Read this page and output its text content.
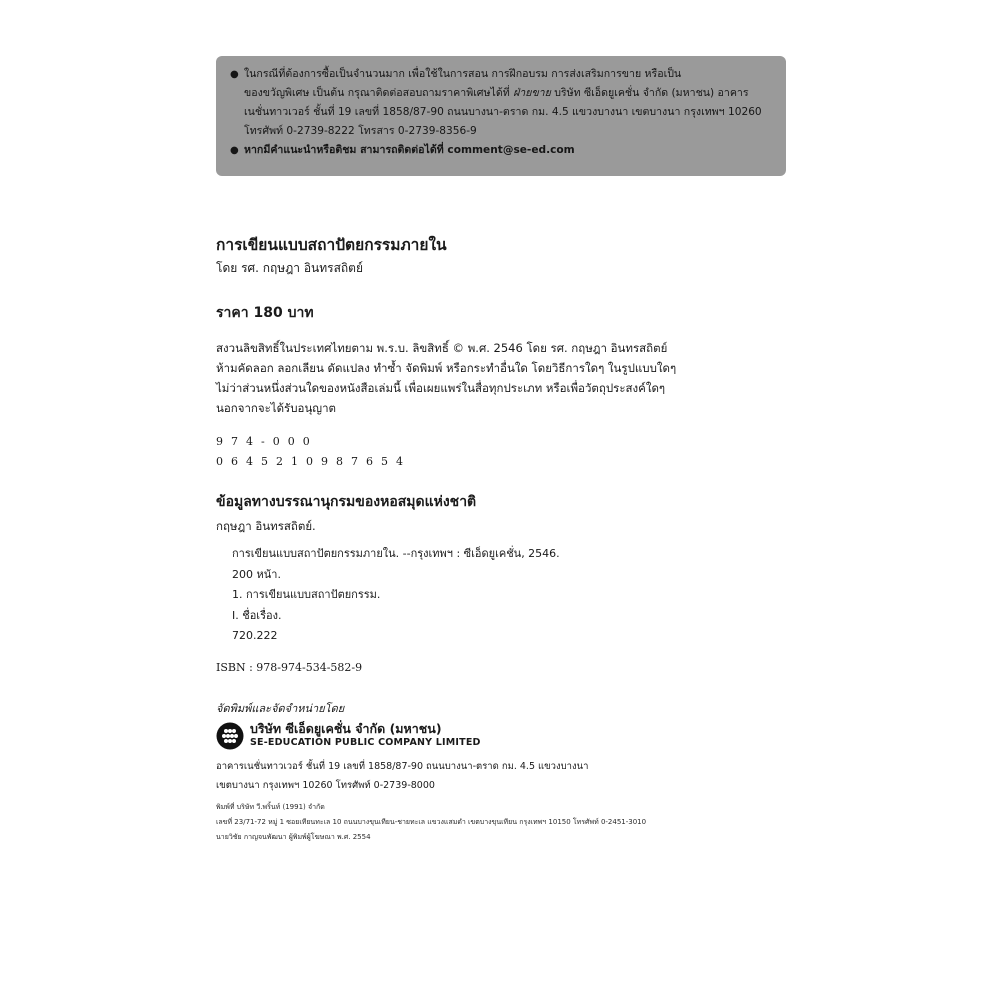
● ในกรณีที่ต้องการซื้อเป็นจำนวนมาก เพื่อใช้ในการสอน การฝึกอบรม การส่งเสริมการขาย หรือเป็น

ของขวัญพิเศษ เป็นต้น กรุณาติดต่อสอบถามราคาพิเศษได้ที่ ฝ่ายขาย บริษัท ซีเอ็ดยูเคชั่น จำกัด (มหาชน) อาคาร

เนชั่นทาวเวอร์ ชั้นที่ 19 เลขที่ 1858/87-90 ถนนบางนา-ตราด กม. 4.5 แขวงบางนา เขตบางนา กรุงเทพฯ 10260

โทรศัพท์ 0-2739-8222 โทรสาร 0-2739-8356-9

● หากมีคำแนะนำหรือติชม สามารถติดต่อได้ที่ comment@se-ed.com

การเขียนแบบสถาปัตยกรรมภายใน
โดย รศ. กฤษฎา อินทรสถิตย์
ราคา 180 บาท

สงวนลิขสิทธิ์ในประเทศไทยตาม พ.ร.บ. ลิขสิทธิ์ © พ.ศ. 2546 โดย รศ. กฤษฎา อินทรสถิตย์

ห้ามคัดลอก ลอกเลียน ดัดแปลง ทำซ้ำ จัดพิมพ์ หรือกระทำอื่นใด โดยวิธีการใดๆ ในรูปแบบใดๆ

ไม่ว่าส่วนหนึ่งส่วนใดของหนังสือเล่มนี้ เพื่อเผยแพร่ในสื่อทุกประเภท หรือเพื่อวัตถุประสงค์ใดๆ

นอกจากจะได้รับอนุญาต

974-000
0645210987654
ข้อมูลทางบรรณานุกรมของหอสมุดแห่งชาติ
กฤษฎา อินทรสถิตย์.

การเขียนแบบสถาปัตยกรรมภายใน. --กรุงเทพฯ : ซีเอ็ดยูเคชั่น, 2546.

200 หน้า.

1. การเขียนแบบสถาปัตยกรรม.

I. ชื่อเรื่อง.

720.222

ISBN : 978-974-534-582-9
จัดพิมพ์และจัดจำหน่ายโดย
บริษัท ซีเอ็ดยูเคชั่น จำกัด (มหาชน)
SE-EDUCATION PUBLIC COMPANY LIMITED

อาคารเนชั่นทาวเวอร์ ชั้นที่ 19 เลขที่ 1858/87-90 ถนนบางนา-ตราด กม. 4.5 แขวงบางนา

เขตบางนา กรุงเทพฯ 10260 โทรศัพท์ 0-2739-8000

พิมพ์ที่ บริษัท วี.พริ้นท์ (1991) จำกัด

เลขที่ 23/71-72 หมู่ 1 ซอยเทียนทะเล 10 ถนนบางขุนเทียน-ชายทะเล แขวงแสมดำ เขตบางขุนเทียน กรุงเทพฯ 10150 โทรศัพท์ 0-2451-3010

นายวิชัย กาญจนพัฒนา ผู้พิมพ์ผู้โฆษณา พ.ศ. 2554
